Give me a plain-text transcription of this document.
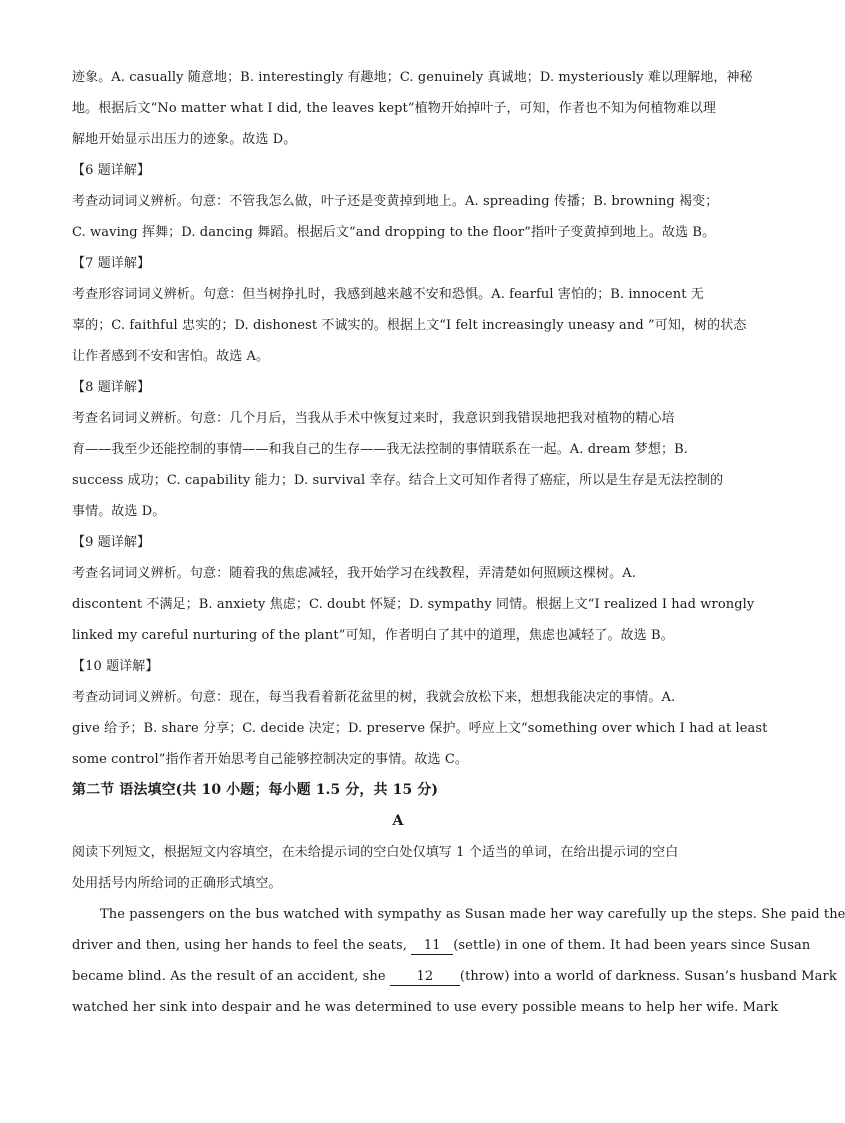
迹象。A. casually 随意地；B. interestingly 有趣地；C. genuinely 真诚地；D. mysteriously 难以理解地，神秘
地。根据后文“No matter what I did, the leaves kept”植物开始掉叶子，可知，作者也不知为何植物难以理
解地开始显示出压力的迹象。故选 D。
【6 题详解】
考查动词词义辨析。句意：不管我怎么做，叶子还是变黄掉到地上。A. spreading 传播；B. browning 褐变；
C. waving 挥舞；D. dancing 舞蹈。根据后文“and dropping to the floor”指叶子变黄掉到地上。故选 B。
【7 题详解】
考查形容词词义辨析。句意：但当树挣扎时，我感到越来越不安和恐惧。A. fearful 害怕的；B. innocent 无
辜的；C. faithful 忠实的；D. dishonest 不诚实的。根据上文“I felt increasingly uneasy and ”可知，树的状态
让作者感到不安和害怕。故选 A。
【8 题详解】
考查名词词义辨析。句意：几个月后，当我从手术中恢复过来时，我意识到我错误地把我对植物的精心培
育——我至少还能控制的事情——和我自己的生存——我无法控制的事情联系在一起。A. dream 梦想；B.
success 成功；C. capability 能力；D. survival 幸存。结合上文可知作者得了癌症，所以是生存是无法控制的
事情。故选 D。
【9 题详解】
考查名词词义辨析。句意：随着我的焦虑减轻，我开始学习在线教程，弄清楚如何照顾这棵树。A.
discontent 不满足；B. anxiety 焦虑；C. doubt 怀疑；D. sympathy 同情。根据上文“I realized I had wrongly
linked my careful nurturing of the plant”可知，作者明白了其中的道理，焦虑也减轻了。故选 B。
【10 题详解】
考查动词词义辨析。句意：现在，每当我看着新花盆里的树，我就会放松下来，想想我能决定的事情。A.
give 给予；B. share 分享；C. decide 决定；D. preserve 保护。呼应上文“something over which I had at least
some control”指作者开始思考自己能够控制决定的事情。故选 C。
第二节 语法填空(共 10 小题；每小题 1.5 分，共 15 分)
A
阅读下列短文，根据短文内容填空，在未给提示词的空白处仅填写 1 个适当的单词，在给出提示词的空白
处用括号内所给词的正确形式填空。
The passengers on the bus watched with sympathy as Susan made her way carefully up the steps. She paid the
driver and then, using her hands to feel the seats, 11 (settle) in one of them. It had been years since Susan
became blind. As the result of an accident, she 12 (throw) into a world of darkness. Susan’s husband Mark
watched her sink into despair and he was determined to use every possible means to help her wife. Mark
